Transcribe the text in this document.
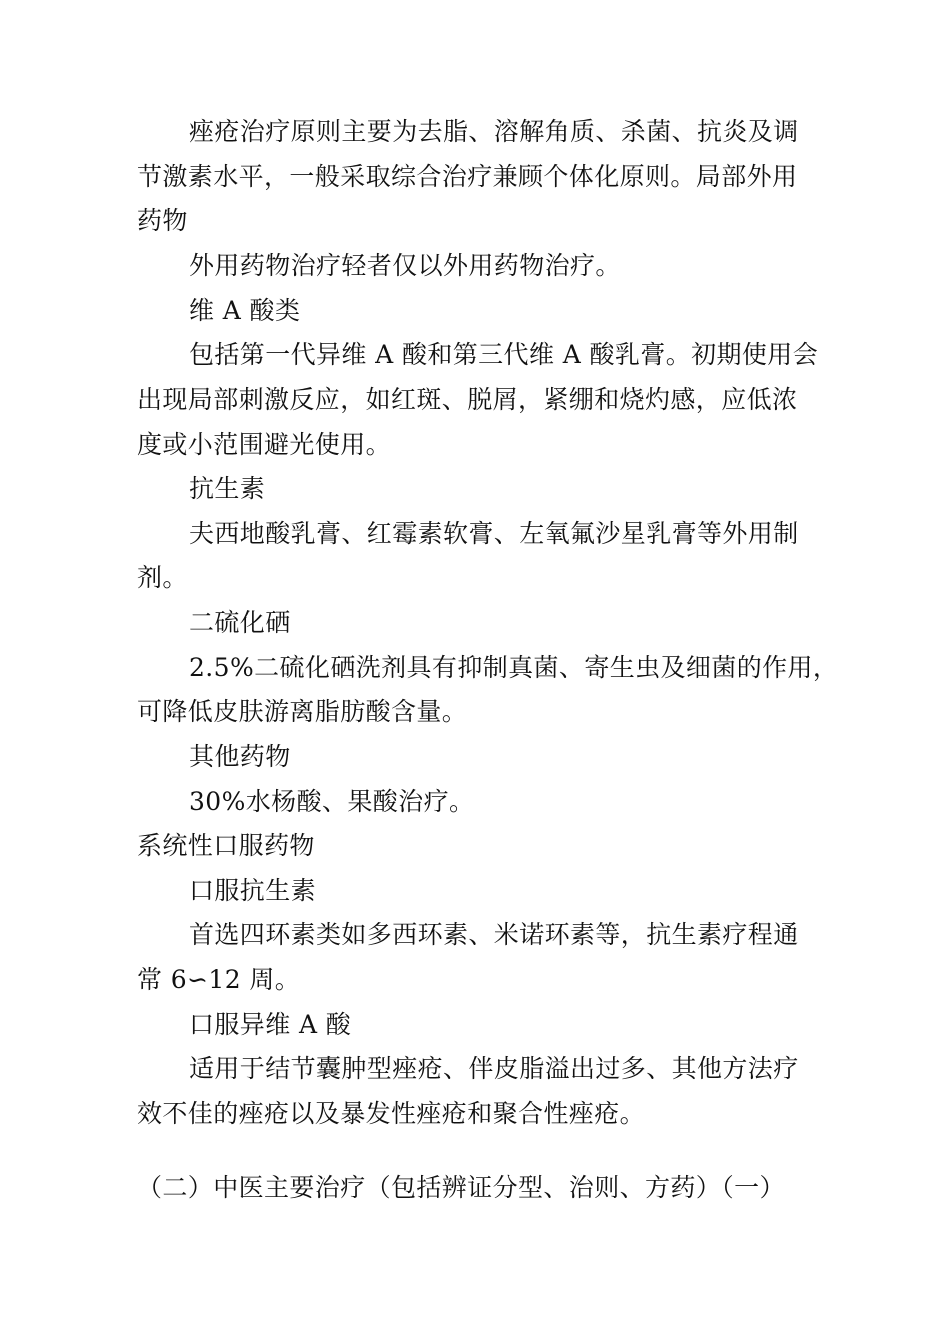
痤疮治疗原则主要为去脂、溶解角质、杀菌、抗炎及调
节激素水平，一般采取综合治疗兼顾个体化原则。局部外用
药物
外用药物治疗轻者仅以外用药物治疗。
维 A 酸类
包括第一代异维 A 酸和第三代维 A 酸乳膏。初期使用会
出现局部刺激反应，如红斑、脱屑，紧绷和烧灼感，应低浓
度或小范围避光使用。
抗生素
夫西地酸乳膏、红霉素软膏、左氧氟沙星乳膏等外用制
剂。
二硫化硒
2.5%二硫化硒洗剂具有抑制真菌、寄生虫及细菌的作用，
可降低皮肤游离脂肪酸含量。
其他药物
30%水杨酸、果酸治疗。
系统性口服药物
口服抗生素
首选四环素类如多西环素、米诺环素等，抗生素疗程通
常 6∽12 周。
口服异维 A 酸
适用于结节囊肿型痤疮、伴皮脂溢出过多、其他方法疗
效不佳的痤疮以及暴发性痤疮和聚合性痤疮。
（二）中医主要治疗（包括辨证分型、治则、方药）（一）
